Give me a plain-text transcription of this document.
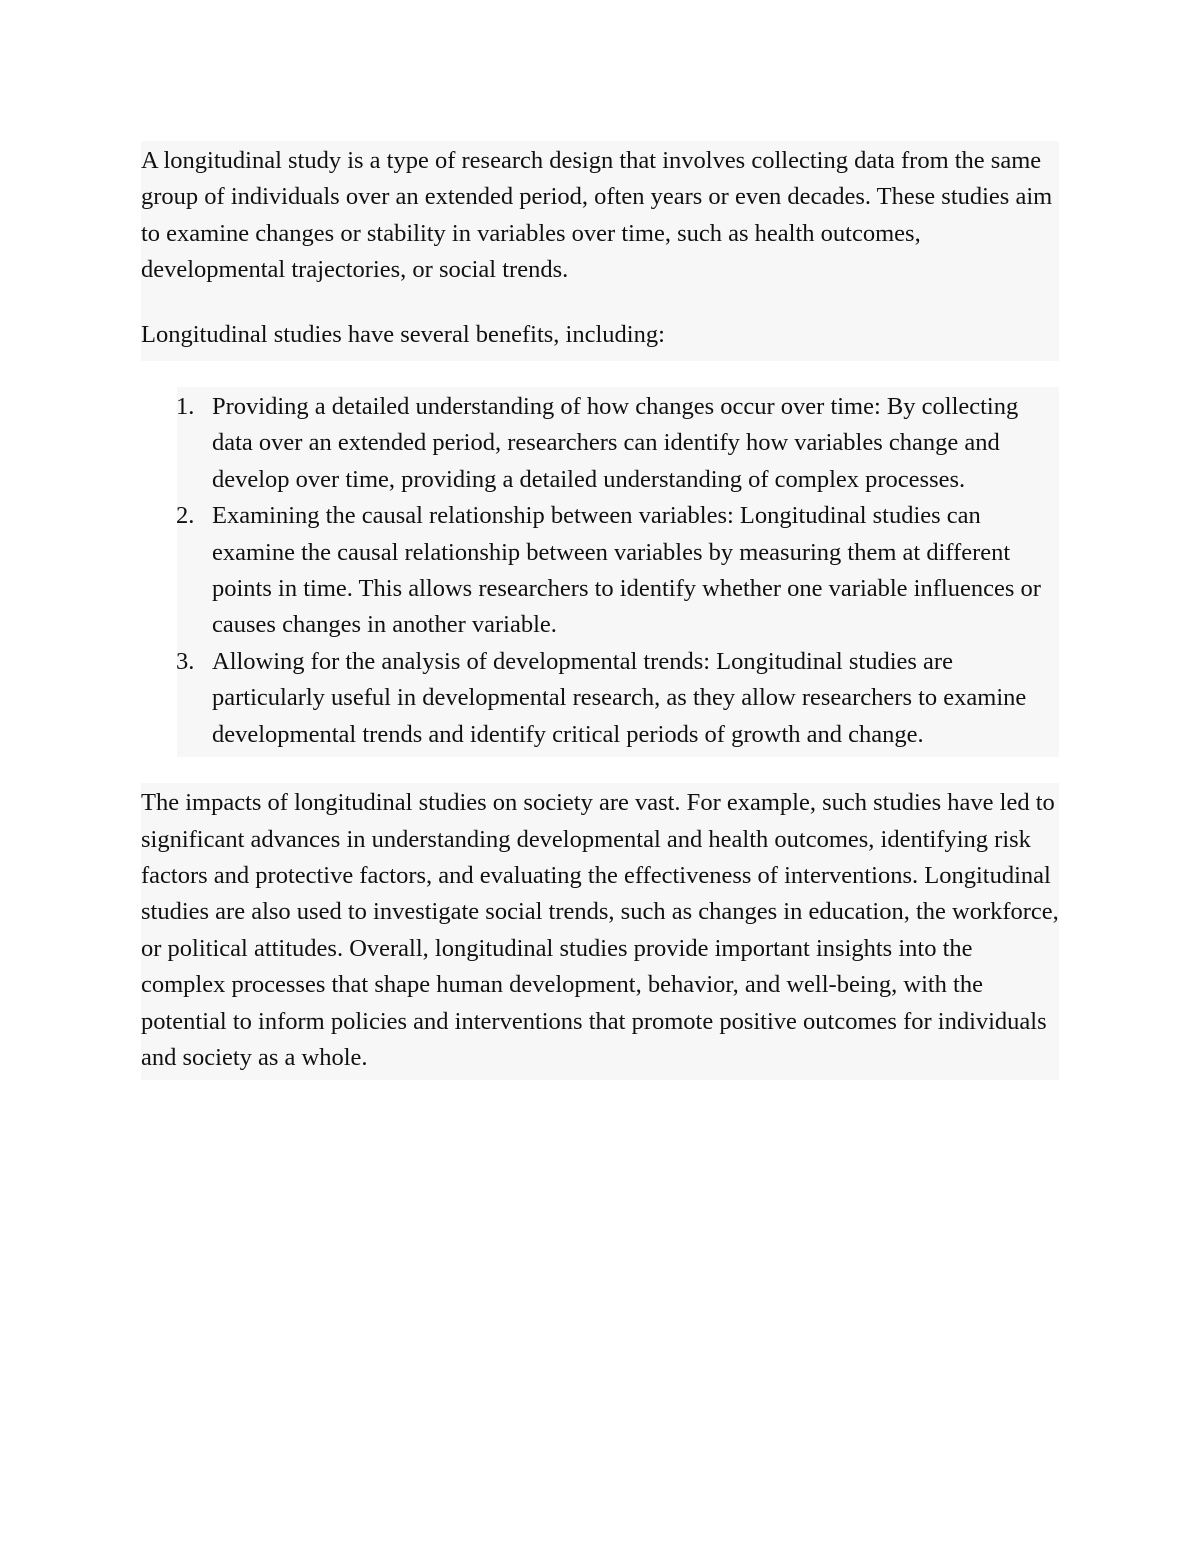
A longitudinal study is a type of research design that involves collecting data from the same group of individuals over an extended period, often years or even decades. These studies aim to examine changes or stability in variables over time, such as health outcomes, developmental trajectories, or social trends.

Longitudinal studies have several benefits, including:

1. Providing a detailed understanding of how changes occur over time: By collecting data over an extended period, researchers can identify how variables change and develop over time, providing a detailed understanding of complex processes.
2. Examining the causal relationship between variables: Longitudinal studies can examine the causal relationship between variables by measuring them at different points in time. This allows researchers to identify whether one variable influences or causes changes in another variable.
3. Allowing for the analysis of developmental trends: Longitudinal studies are particularly useful in developmental research, as they allow researchers to examine developmental trends and identify critical periods of growth and change.

The impacts of longitudinal studies on society are vast. For example, such studies have led to significant advances in understanding developmental and health outcomes, identifying risk factors and protective factors, and evaluating the effectiveness of interventions. Longitudinal studies are also used to investigate social trends, such as changes in education, the workforce, or political attitudes. Overall, longitudinal studies provide important insights into the complex processes that shape human development, behavior, and well-being, with the potential to inform policies and interventions that promote positive outcomes for individuals and society as a whole.
